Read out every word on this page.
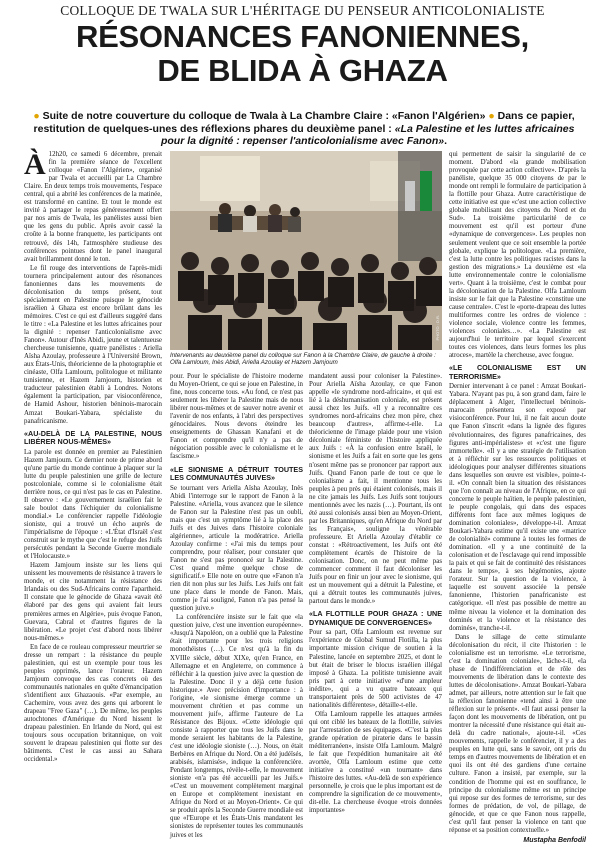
COLLOQUE DE TWALA SUR L'HÉRITAGE DU PENSEUR ANTICOLONIALISTE
RÉSONANCES FANONIENNES,
DE BLIDA À GHAZA
● Suite de notre couverture du colloque de Twala à La Chambre Claire : «Fanon l'Algérien» ● Dans ce papier, restitution de quelques-unes des réflexions phares du deuxième panel : «La Palestine et les luttes africaines pour la dignité : repenser l'anticolonialisme avec Fanon».

À 12h20, ce samedi 6 décembre, prenait fin la première séance de l'excellent colloque «Fanon l'Algérien», organisé par Twala et accueilli par La Chambre Claire. En deux temps trois mouvements, l'espace central, qui a abrité les conférences de la matinée, est transformé en cantine. Et tout le monde est invité à partager le repas généreusement offert par nos amis de Twala, les panélistes aussi bien que les gens du public. Après avoir cassé la croûte à la bonne franquette, les participants ont retrouvé, dès 14h, l'atmosphère studieuse des conférences pointues dont le panel inaugural avait brillamment donné le ton.

Le fil rouge des interventions de l'après-midi tournera principalement autour des résonances fanoniennes dans les mouvements de décolonisation du temps présent, tout spécialement en Palestine puisque le génocide israélien à Ghaza est encore brûlant dans les mémoires. C'est ce qui est d'ailleurs suggéré dans le titre : «La Palestine et les luttes africaines pour la dignité : repenser l'anticolonialisme avec Fanon». Autour d'Inès Abidi, jeune et talentueuse chercheuse tunisienne, quatre panélistes : Ariella Aïsha Azoulay, professeure à l'Université Brown, aux États-Unis, théoricienne de la photographie et cinéaste, Olfa Lamloum, politologue et militante tunisienne, et Hazem Jamjoum, historien et traducteur palestinien établi à Londres. Notons également la participation, par visioconférence, de Hamid Ashour, historien béninois-marocain Amzat Boukari-Yabara, spécialiste du panafricanisme.

«AU-DELÀ DE LA PALESTINE, NOUS LIBÉRER NOUS-MÊMES»

La parole est donnée en premier au Palestinien Hazem Jamjoum. Ce dernier note de prime abord qu'une partie du monde continue à plaquer sur la lutte du peuple palestinien une grille de lecture postcoloniale, comme si le colonialisme était derrière nous, ce qui n'est pas le cas en Palestine. Il observe : «Le gouvernement israélien fait le sale boulot dans l'échiquier du colonialisme mondial.» Le conférencier rappelle l'idéologie sioniste, qui a trouvé un écho auprès de l'impérialisme de l'époque : «L'État d'Israël s'est construit sur le mythe que c'est le refuge des Juifs persécutés pendant la Seconde Guerre mondiale et l'Holocauste.»

Hazem Jamjoum insiste sur les liens qui unissent les mouvements de résistance à travers le monde, et cite notamment la résistance des Irlandais ou des Sud-Africains contre l'apartheid. Il constate que le génocide de Ghaza «avait été élaboré par des gens qui avaient fait leurs premières armes en Algérie», puis évoque Fanon, Guevara, Cabral et d'autres figures de la libération. «Le projet c'est d'abord nous libérer nous-mêmes.»

En face de ce rouleau compresseur meurtrier se dresse un rempart : la résistance du peuple palestinien, qui est un exemple pour tous les peuples opprimés, lance l'orateur. Hazem Jamjoum convoque des cas concrets où des communautés nationales en quête d'émancipation s'identifient aux Ghazaouis. «Par exemple, au Cachemire, vous avez des gens qui arborent le drapeau "Free Gaza" (…). De même, les peuples autochtones d'Amérique du Nord hissent le drapeau palestinien. En Irlande du Nord, qui est toujours sous occupation britannique, on voit souvent le drapeau palestinien qui flotte sur des bâtiments. C'est le cas aussi au Sahara occidental.»

PHOTO : D.R.
Intervenants au deuxième panel du colloque sur Fanon à la Chambre Claire, de gauche à droite : Olfa Lamloum, Inès Abidi, Ariella Azoulay et Hazem Jamjoum

pour. Pour le spécialiste de l'histoire moderne du Moyen-Orient, ce qui se joue en Palestine, in fine, nous concerne tous. «Au fond, ce n'est pas seulement les libérer la Palestine mais de nous libérer nous-mêmes et de sauver notre avenir et l'avenir de nos enfants, à l'abri des perspectives génocidaires. Nous devons éteindre les enseignements de Ghassan Kanafani et de Fanon et comprendre qu'il n'y a pas de négociation possible avec le colonialisme et le fascisme.»

«LE SIONISME A DÉTRUIT TOUTES LES COMMUNAUTÉS JUIVES»

Se tournant vers Ariella Aïsha Azoulay, Inès Abidi l'interroge sur le rapport de Fanon à la Palestine. «Ariella, vous avancez que le silence de Fanon sur la Palestine n'est pas un oubli, mais que c'est un symptôme lié à la place des Juifs et des Juives dans l'histoire coloniale algérienne», articule la modératrice. Ariella Azoulay confirme : «J'ai mis du temps pour comprendre, pour réaliser, pour constater que Fanon ne s'est pas prononcé sur la Palestine. C'est quand même quelque chose de significatif.» Elle note en outre que «Fanon n'a rien dit non plus sur les Juifs. Les Juifs ont fait une place dans le monde de Fanon. Mais, comme je l'ai souligné, Fanon n'a pas pensé la question juive.»

La conférencière insiste sur le fait que «la question juive, c'est une invention européenne». «Jusqu'à Napoléon, on a oublié que la Palestine était importante pour les trois religions monothéistes (…). Ce n'est qu'à la fin du XVIIIe siècle, début XIXe, qu'en France, en Allemagne et en Angleterre, on commence à réfléchir à la question juive avec la question de la Palestine. Donc il y a déjà cette fusion historique.» Avec précision d'importance : à l'origine, «le sionisme émerge comme un mouvement chrétien et pas comme un mouvement juif», affirme l'auteure de La Résistance des Bijoux. «Cette idéologie qui consiste à rapporter que tous les Juifs dans le monde seraient les habitants de la Palestine, c'est une idéologie sioniste (…). Nous, on était Berbères en Afrique du Nord. On a été judéïsés, arabisés, islamisés», indique la conférencière. Pendant longtemps, révèle-t-elle, le mouvement sioniste «n'a pas été accueilli par les Juifs.» «C'est un mouvement complètement marginal en Europe et complètement inexistant en Afrique du Nord et au Moyen-Orient». Ce qui se produit après la Seconde Guerre mondiale est que «l'Europe et les États-Unis mandatent les sionistes de représenter toutes les communautés juives et les

mandatent aussi pour coloniser la Palestine». Pour Ariella Aïsha Azoulay, ce que Fanon appelle «le syndrome nord-africain», et qui est lié à la déshumanisation coloniale, est présent aussi chez les Juifs. «Il y a reconnaître ces syndromes nord-africains chez mon père, chez beaucoup d'autres», affirme-t-elle. La théoricienne de l'image plaide pour une vision décoloniale féministe de l'histoire appliquée aux Juifs : «À la confusion entre Israël, le sionisme et les Juifs a fait en sorte que les gens n'osent même pas se prononcer par rapport aux Juifs. Quand Fanon parle de tout ce que le colonialisme a fait, il mentionne tous les peuples à peu près qui étaient colonisés, mais il ne cite jamais les Juifs. Les Juifs sont toujours mentionnés avec les nazis (…). Pourtant, ils ont été aussi colonisés aussi bien au Moyen-Orient, par les Britanniques, qu'en Afrique du Nord par les Français», souligne la vénérable professeure. Et Ariella Azoulay d'établir ce constat : «Rétroactivement, les Juifs ont été complètement écartés de l'histoire de la colonisation. Donc, on ne peut même pas commencer comment il faut décoloniser les Juifs pour en finir un jour avec le sionisme, qui est un mouvement qui a détruit la Palestine, et qui a détruit toutes les communautés juives, partout dans le monde.»

«LA FLOTTILLE POUR GHAZA : UNE DYNAMIQUE DE CONVERGENCES»

Pour sa part, Olfa Lamloum est revenue sur l'expérience de Global Sumud Flotilla, la plus importante mission civique de soutien à la Palestine, lancée en septembre 2025, et dont le but était de briser le blocus israélien illégal imposé à Ghaza. La politiste tunisienne avait pris part à cette initiative «d'une ampleur inédite», qui a vu quatre bateaux qui transportaient près de 500 activistes de 47 nationalités différentes», détaille-t-elle.

Olfa Lamloum rappelle les attaques armées qui ont ciblé les bateaux de la flottille, suivies par l'arrestation de ses équipages. «C'est la plus grande opération de piraterie dans le bassin méditerranéen», insiste Olfa Lamloum. Malgré le fait que l'expédition humanitaire ait été avortée, Olfa Lamloum estime que cette initiative a constitué «un tournant» dans l'histoire des luttes. «Au-delà de son expérience personnelle, je crois que le plus important est de comprendre la signification de ce mouvement», dit-elle. La chercheuse évoque «trois données importantes»

qui permettent de saisir la singularité de ce moment. D'abord «la grande mobilisation provoquée par cette action collective». D'après la panéliste, quelque 35 000 citoyens de par le monde ont rempli le formulaire de participation à la flottille pour Ghaza. Autre caractéristique de cette initiative est que «c'est une action collective globale mobilisant des citoyens du Nord et du Sud». La troisième particularité de ce mouvement est qu'il est porteur d'une «dynamique de convergences». Les peuples non seulement veulent que ce soit ensemble la portée globale, explique la politologue. «La première, c'est la lutte contre les politiques racistes dans la gestion des migrations.» La deuxième est «la lutte environnementale contre le colonialisme vert». Quant à la troisième, c'est le combat pour la décolonisation de la Palestine. Olfa Lamloum insiste sur le fait que la Palestine «constitue une cause centrale». C'est le «porte-drapeau des luttes multiformes contre les ordres de violence : violence sociale, violence contre les femmes, violences coloniales…». «La Palestine est aujourd'hui le territoire par lequel s'exercent toutes ces violences, dans leurs formes les plus atroces», martèle la chercheuse, avec fougue.

«LE COLONIALISME EST UN TERRORISME»

Dernier intervenant à ce panel : Amzat Boukari-Yabara. N'ayant pas pu, à son grand dam, faire le déplacement à Alger, l'intellectuel béninois-marocain présentera son exposé par visioconférence. Pour lui, il ne fait aucun doute que Fanon s'inscrit «dans la lignée des figures révolutionnaires, des figures panafricaines, des figures anti-impérialistes» et «c'est une figure immortelle». «Il y a une stratégie de l'utilisation et à réfléchir sur les ressources politiques et idéologiques pour analyser différentes situations dans lesquelles son œuvre est visible», pointe-t-il. «On connaît bien la situation des résistances que l'on connaît au niveau de l'Afrique, en ce qui concerne le peuple haïtien, le peuple palestinien, le peuple congolais, qui dans des espaces différents font face aux mêmes logiques de domination coloniales», développe-t-il. Amzat Boukari-Yabara estime qu'il existe une «matrice de colonialité» commune à toutes les formes de domination. «Il y a une continuité de la colonisation et de l'esclavage qui rend impossible la paix et qui se fait de continuité des résistances dans le temps», à ses hégémonies, ajoute l'orateur. Sur la question de la violence, à laquelle est souvent associée la pensée fanonienne, l'historien panafricaniste est catégorique. «Il n'est pas possible de mettre au même niveau la violence et la domination des dominés et la violence et la résistance des dominés», tranche-t-il.

Dans le sillage de cette stimulante décolonisation du récit, il cite l'historien : le colonialisme est un terrorisme. «Le terrorisme, c'est la domination coloniale», lâche-t-il, «la phase de l'indifférenciation et de rôle des mouvements de libération dans le contexte des luttes de décolonisation». Amzat Boukari-Yabara admet, par ailleurs, notre attention sur le fait que la réflexion fanonienne «tend ainsi à être une réflexion sur le présent». «Il faut aussi penser la façon dont les mouvements de libération, ont pu montrer la nécessité d'une résistance qui était au-delà du cadre national», ajoute-t-il. «Ces mouvements, rappelle le conférencier, il y a des peuples en lutte qui, sans le savoir, ont pris du temps en d'autres mouvements de libération et en quoi ils ont été des gardiens d'une certaine culture. Fanon a insisté, par exemple, sur la condition de l'homme qui est en souffrance, le principe du colonialisme même est un principe qui repose sur des formes de terrorisme, sur des formes de prédation, de vol, de pillage, de génocide, et que ce que Fanon nous rappelle, c'est qu'il faut penser la violence en tant que réponse et sa position contextuelle.»

Mustapha Benfodil
